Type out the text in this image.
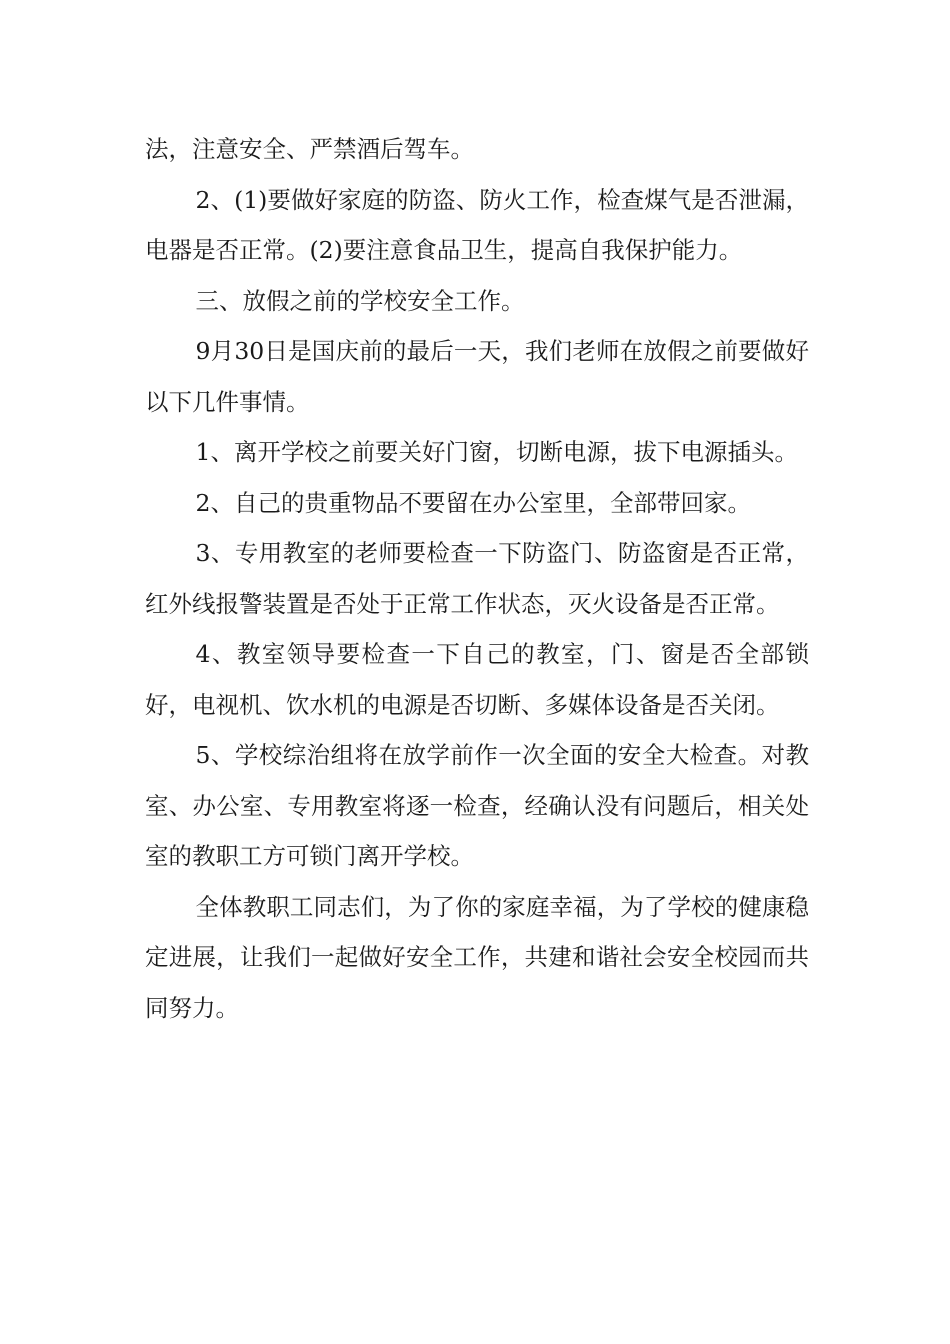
法，注意安全、严禁酒后驾车。

2、(1)要做好家庭的防盗、防火工作，检查煤气是否泄漏，电器是否正常。(2)要注意食品卫生，提高自我保护能力。

三、放假之前的学校安全工作。

9月30日是国庆前的最后一天，我们老师在放假之前要做好以下几件事情。

1、离开学校之前要关好门窗，切断电源，拔下电源插头。

2、自己的贵重物品不要留在办公室里，全部带回家。

3、专用教室的老师要检查一下防盗门、防盗窗是否正常，红外线报警装置是否处于正常工作状态，灭火设备是否正常。

4、教室领导要检查一下自己的教室，门、窗是否全部锁好，电视机、饮水机的电源是否切断、多媒体设备是否关闭。

5、学校综治组将在放学前作一次全面的安全大检查。对教室、办公室、专用教室将逐一检查，经确认没有问题后，相关处室的教职工方可锁门离开学校。

全体教职工同志们，为了你的家庭幸福，为了学校的健康稳定进展，让我们一起做好安全工作，共建和谐社会安全校园而共同努力。
